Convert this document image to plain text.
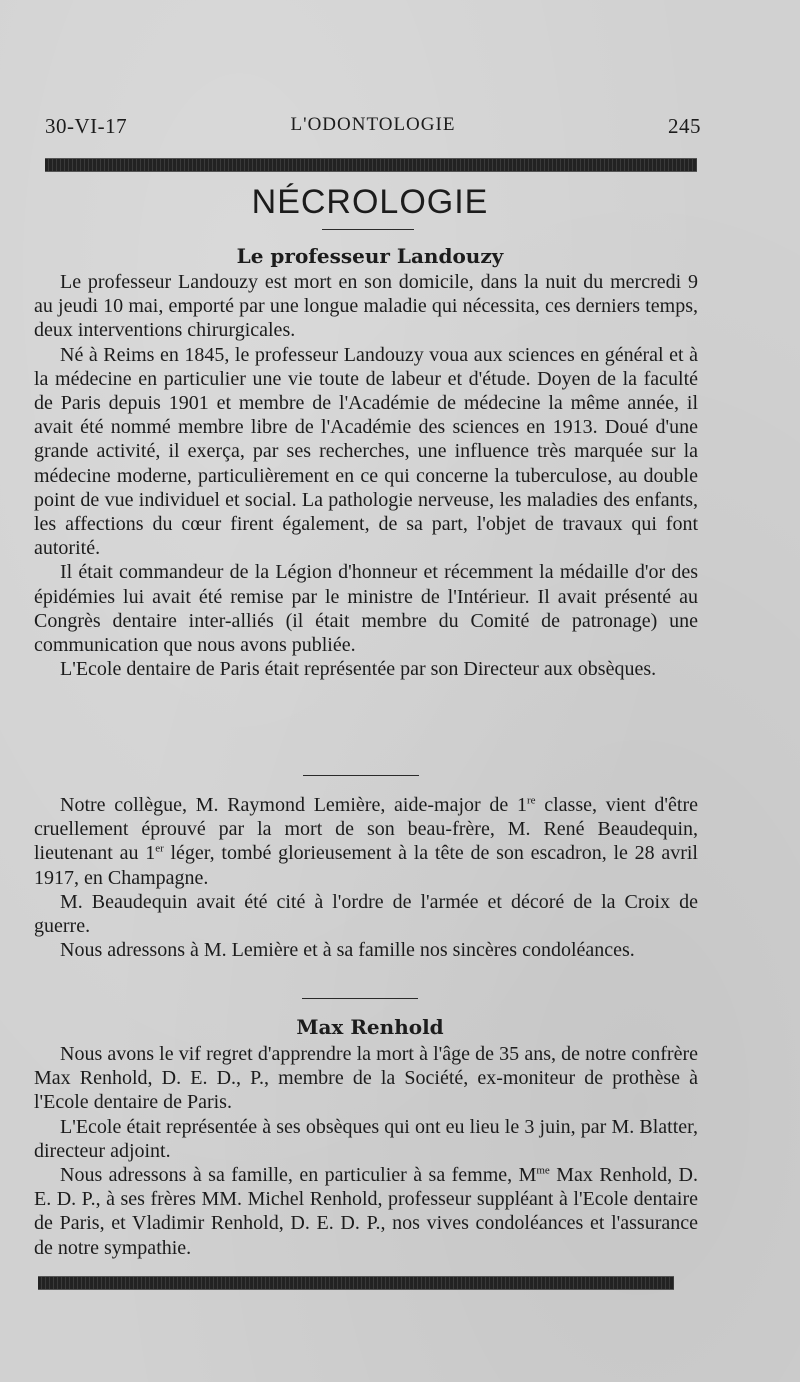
30-VI-17	L'ODONTOLOGIE	245
NÉCROLOGIE
Le professeur Landouzy

Le professeur Landouzy est mort en son domicile, dans la nuit du mercredi 9 au jeudi 10 mai, emporté par une longue maladie qui nécessita, ces derniers temps, deux interventions chirurgicales.

Né à Reims en 1845, le professeur Landouzy voua aux sciences en général et à la médecine en particulier une vie toute de labeur et d'étude. Doyen de la faculté de Paris depuis 1901 et membre de l'Académie de médecine la même année, il avait été nommé membre libre de l'Académie des sciences en 1913. Doué d'une grande activité, il exerça, par ses recherches, une influence très marquée sur la médecine moderne, particulièrement en ce qui concerne la tuberculose, au double point de vue individuel et social. La pathologie nerveuse, les maladies des enfants, les affections du cœur firent également, de sa part, l'objet de travaux qui font autorité.

Il était commandeur de la Légion d'honneur et récemment la médaille d'or des épidémies lui avait été remise par le ministre de l'Intérieur. Il avait présenté au Congrès dentaire inter-alliés (il était membre du Comité de patronage) une communication que nous avons publiée.

L'Ecole dentaire de Paris était représentée par son Directeur aux obsèques.

Notre collègue, M. Raymond Lemière, aide-major de 1re classe, vient d'être cruellement éprouvé par la mort de son beau-frère, M. René Beaudequin, lieutenant au 1er léger, tombé glorieusement à la tête de son escadron, le 28 avril 1917, en Champagne.

M. Beaudequin avait été cité à l'ordre de l'armée et décoré de la Croix de guerre.

Nous adressons à M. Lemière et à sa famille nos sincères condoléances.

Max Renhold

Nous avons le vif regret d'apprendre la mort à l'âge de 35 ans, de notre confrère Max Renhold, D. E. D., P., membre de la Société, ex-moniteur de prothèse à l'Ecole dentaire de Paris.

L'Ecole était représentée à ses obsèques qui ont eu lieu le 3 juin, par M. Blatter, directeur adjoint.

Nous adressons à sa famille, en particulier à sa femme, $M^{me}$ Max Renhold, D. E. D. P., à ses frères MM. Michel Renhold, professeur suppléant à l'Ecole dentaire de Paris, et Vladimir Renhold, D. E. D. P., nos vives condoléances et l'assurance de notre sympathie.
